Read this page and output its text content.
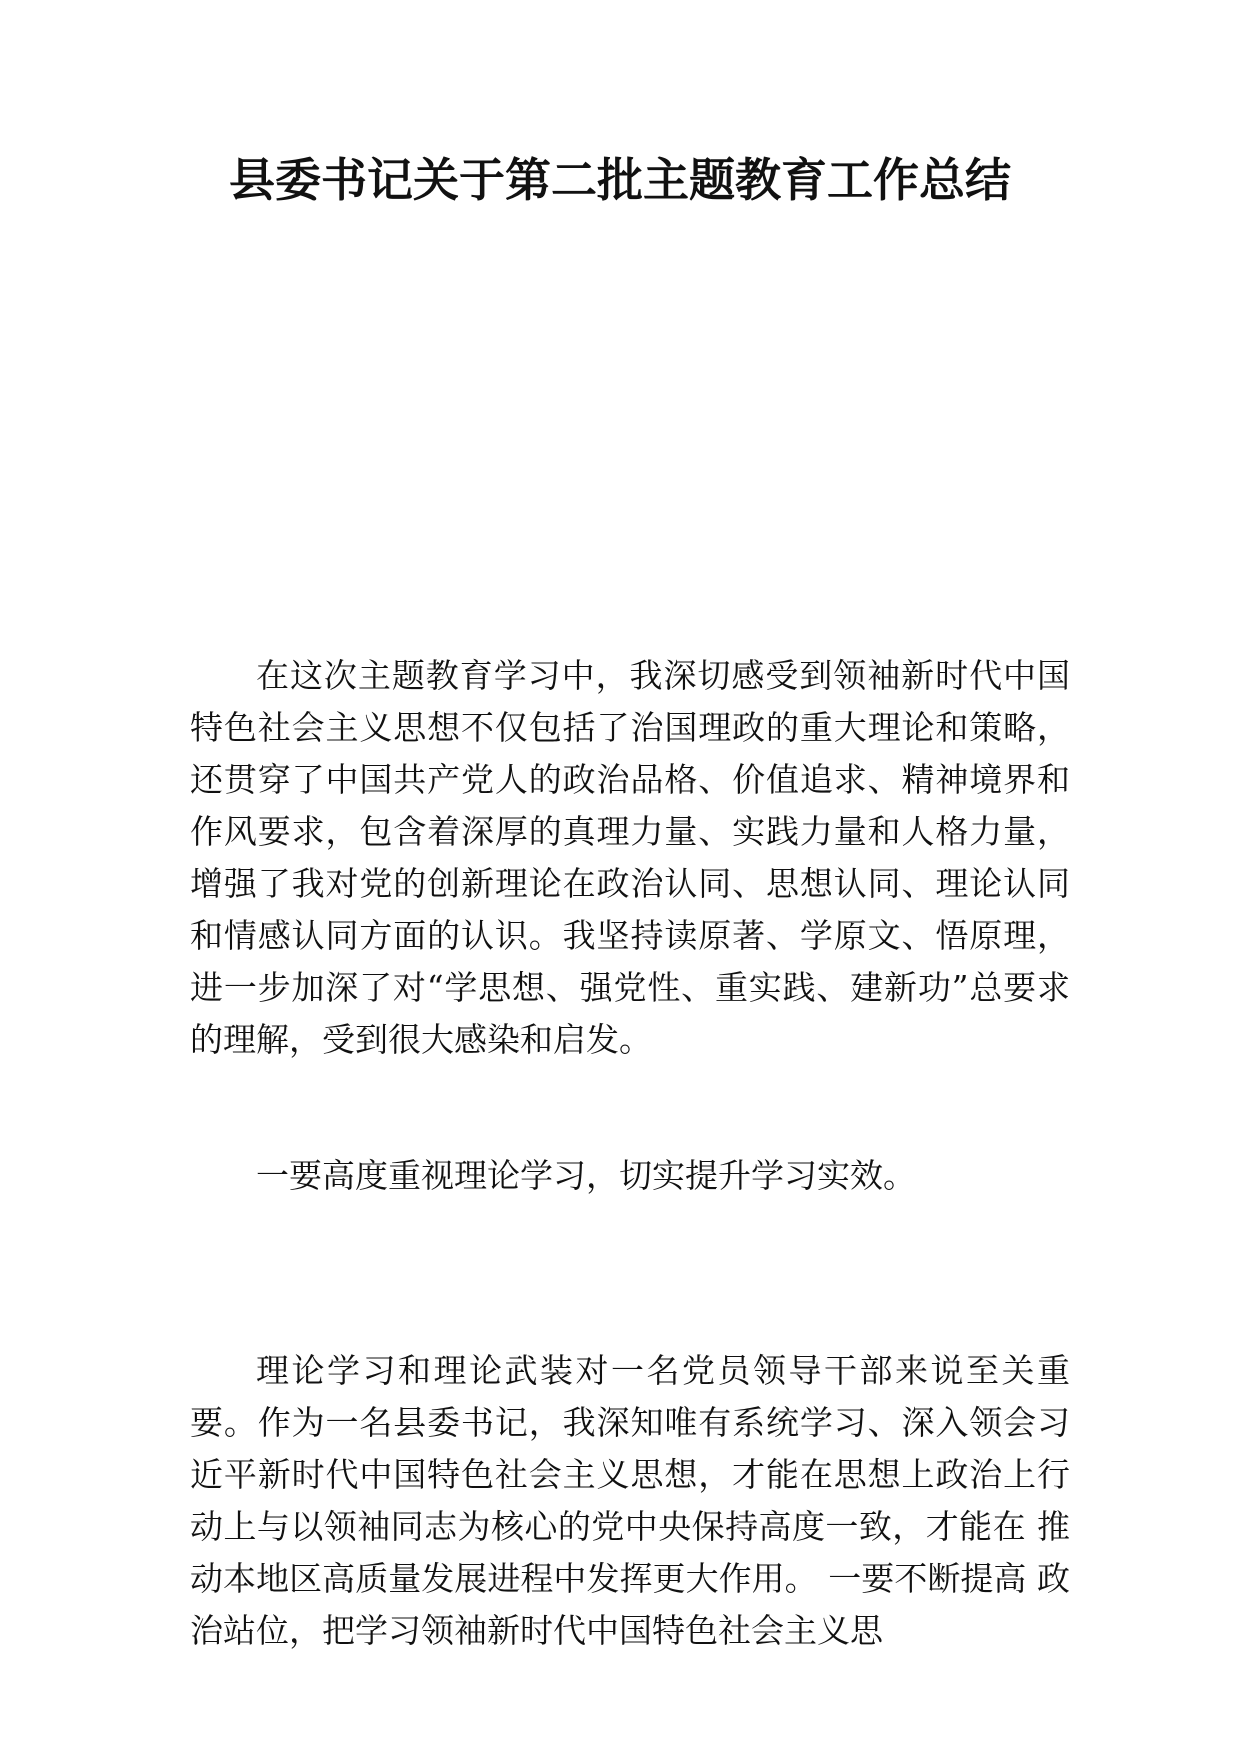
县委书记关于第二批主题教育工作总结

在这次主题教育学习中，我深切感受到领袖新时代中国特色社会主义思想不仅包括了治国理政的重大理论和策略，还贯穿了中国共产党人的政治品格、价值追求、精神境界和作风要求，包含着深厚的真理力量、实践力量和人格力量，增强了我对党的创新理论在政治认同、思想认同、理论认同和情感认同方面的认识。我坚持读原著、学原文、悟原理，进一步加深了对“学思想、强党性、重实践、建新功”总要求的理解，受到很大感染和启发。

一要高度重视理论学习，切实提升学习实效。

理论学习和理论武装对一名党员领导干部来说至关重要。作为一名县委书记，我深知唯有系统学习、深入领会习 近平新时代中国特色社会主义思想，才能在思想上政治上行 动上与以领袖同志为核心的党中央保持高度一致，才能在 推动本地区高质量发展进程中发挥更大作用。 一要不断提高 政治站位，把学习领袖新时代中国特色社会主义思
